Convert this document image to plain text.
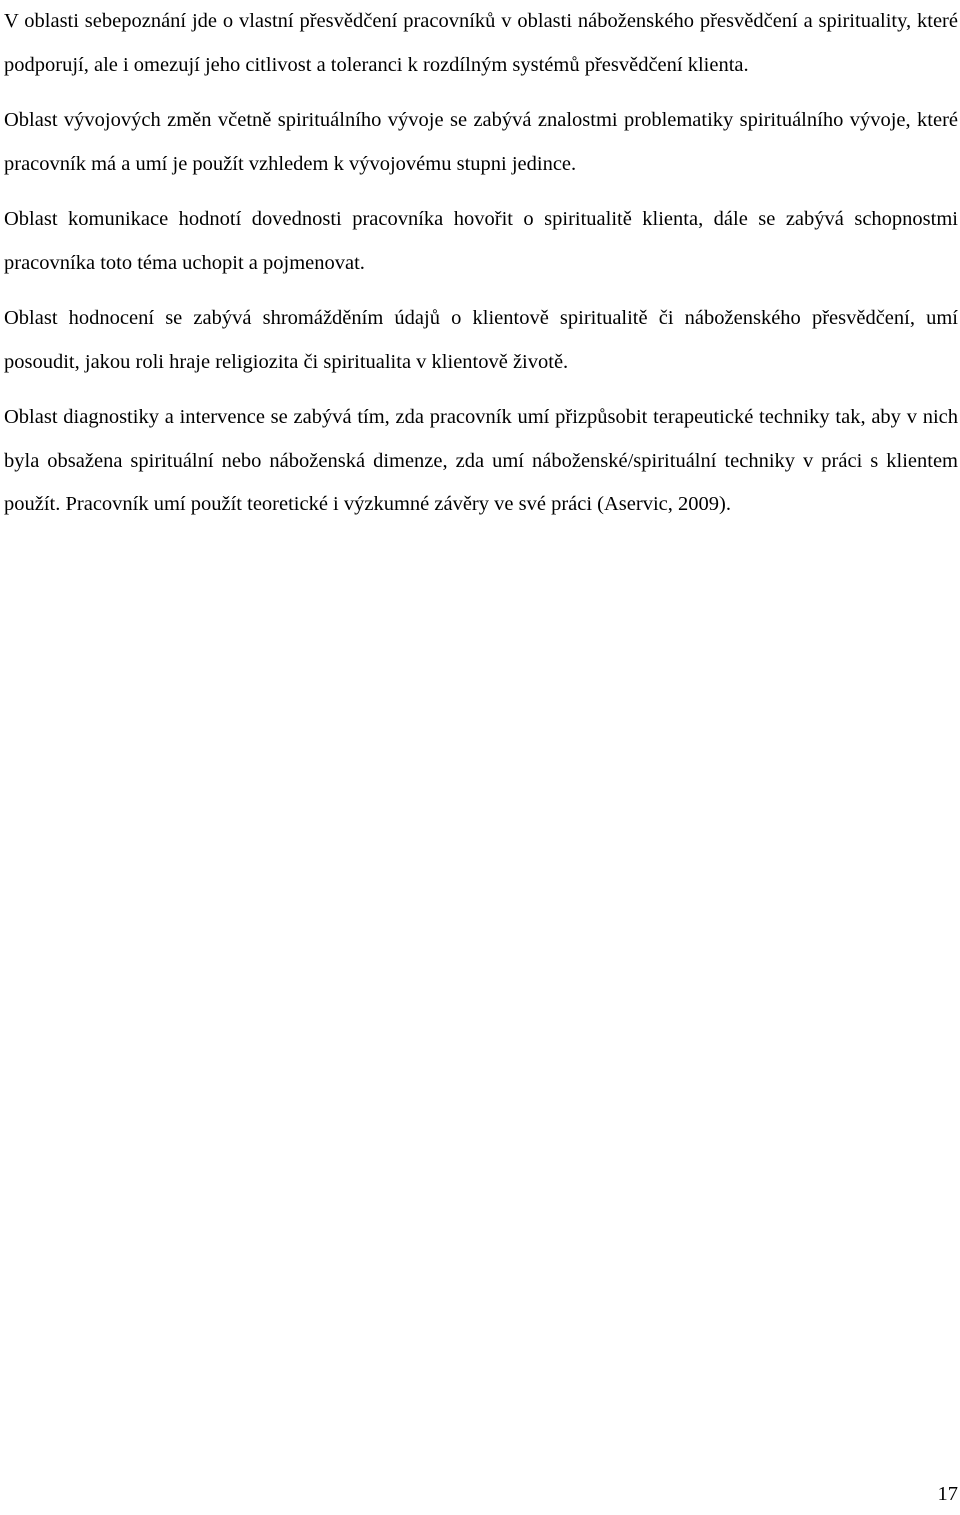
V oblasti sebepoznání jde o vlastní přesvědčení pracovníků v oblasti náboženského přesvědčení a spirituality, které podporují, ale i omezují jeho citlivost a toleranci k rozdílným systémů přesvědčení klienta.

Oblast vývojových změn včetně spirituálního vývoje se zabývá znalostmi problematiky spirituálního vývoje, které pracovník má a umí je použít vzhledem k vývojovému stupni jedince.

Oblast komunikace hodnotí dovednosti pracovníka hovořit o spiritualitě klienta, dále se zabývá schopnostmi pracovníka toto téma uchopit a pojmenovat.

Oblast hodnocení se zabývá shromážděním údajů o klientově spiritualitě či náboženského přesvědčení, umí posoudit, jakou roli hraje religiozita či spiritualita v klientově životě.

Oblast diagnostiky a intervence se zabývá tím, zda pracovník umí přizpůsobit terapeutické techniky tak, aby v nich byla obsažena spirituální nebo náboženská dimenze, zda umí náboženské/spirituální techniky v práci s klientem použít. Pracovník umí použít teoretické i výzkumné závěry ve své práci (Aservic, 2009).

17
